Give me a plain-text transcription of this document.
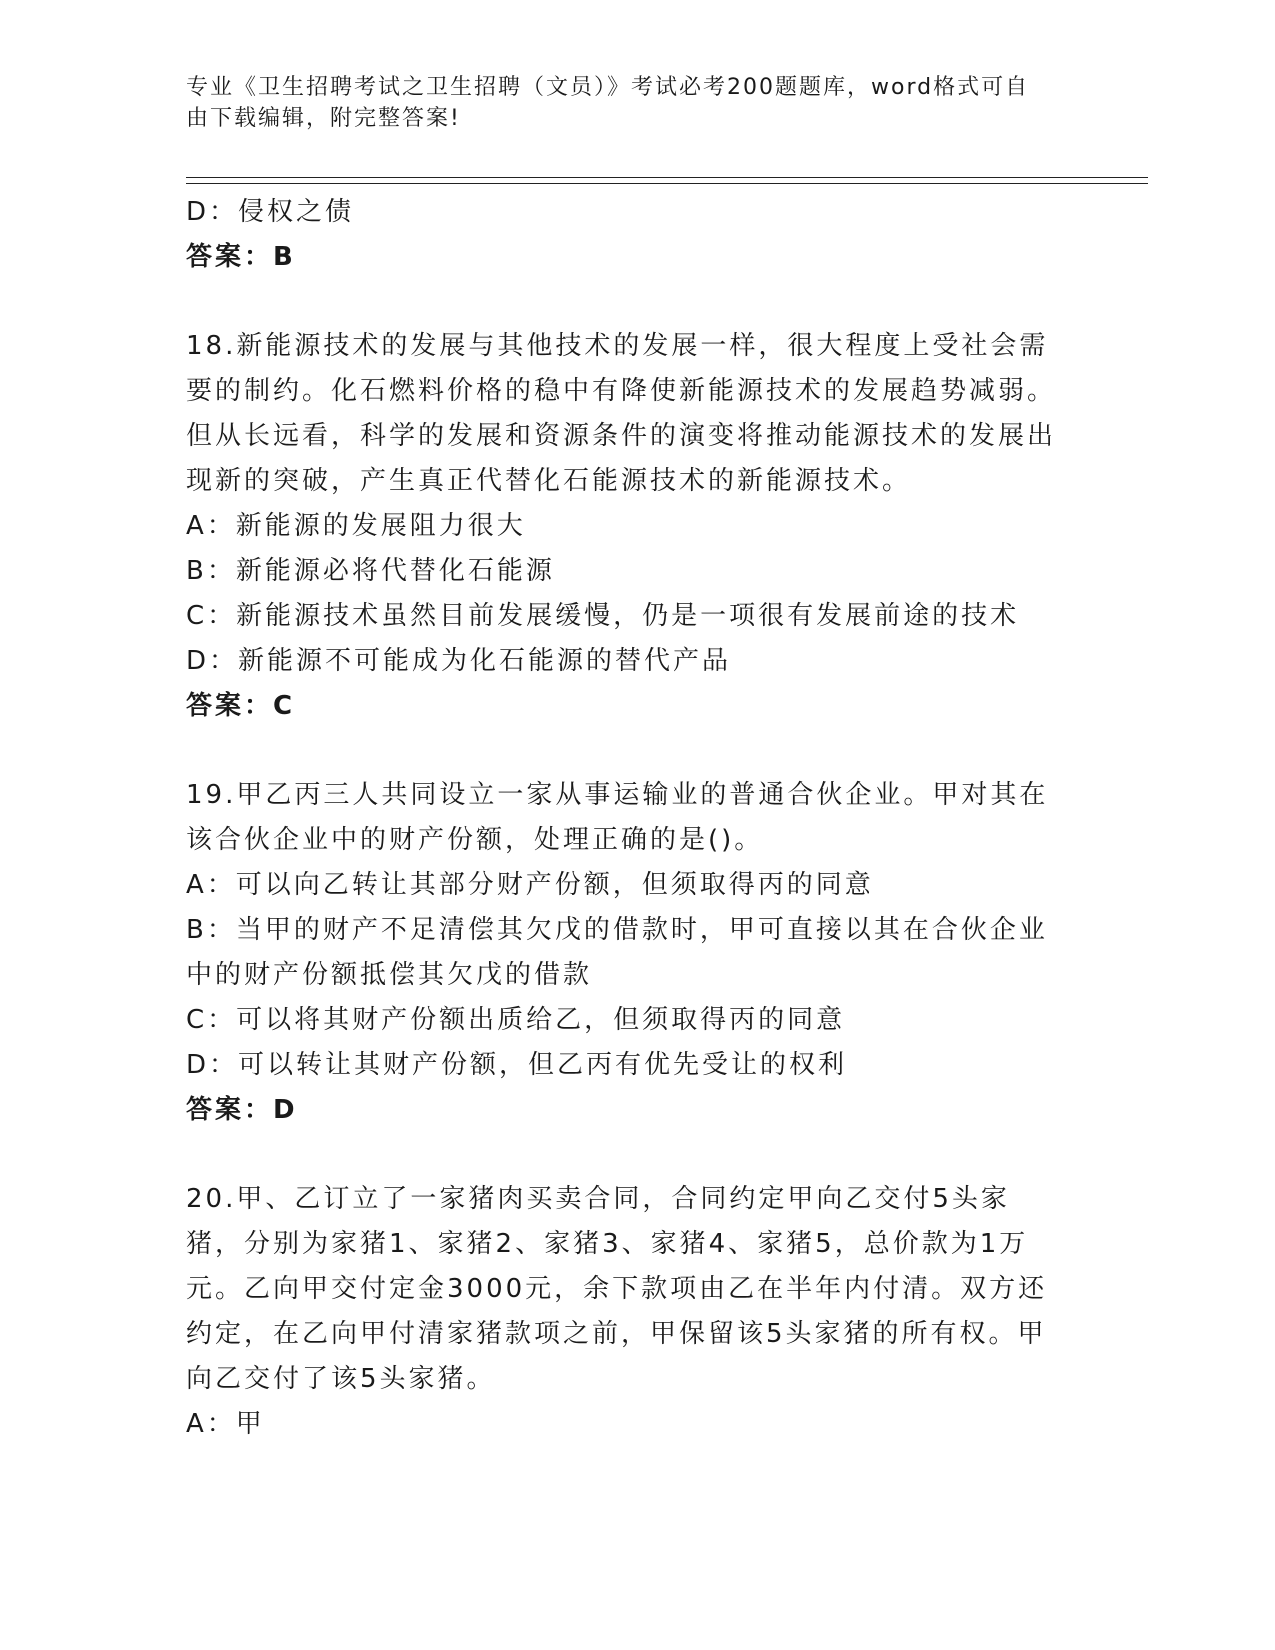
专业《卫生招聘考试之卫生招聘（文员）》考试必考200题题库，word格式可自
由下载编辑，附完整答案!

D：侵权之债

答案：B

18.新能源技术的发展与其他技术的发展一样，很大程度上受社会需要的制约。化石燃料价格的稳中有降使新能源技术的发展趋势减弱。但从长远看，科学的发展和资源条件的演变将推动能源技术的发展出现新的突破，产生真正代替化石能源技术的新能源技术。

A：新能源的发展阻力很大

B：新能源必将代替化石能源

C：新能源技术虽然目前发展缓慢，仍是一项很有发展前途的技术

D：新能源不可能成为化石能源的替代产品

答案：C

19.甲乙丙三人共同设立一家从事运输业的普通合伙企业。甲对其在该合伙企业中的财产份额，处理正确的是()。

A：可以向乙转让其部分财产份额，但须取得丙的同意

B：当甲的财产不足清偿其欠戊的借款时，甲可直接以其在合伙企业中的财产份额抵偿其欠戊的借款

C：可以将其财产份额出质给乙，但须取得丙的同意

D：可以转让其财产份额，但乙丙有优先受让的权利

答案：D

20.甲、乙订立了一家猪肉买卖合同，合同约定甲向乙交付5头家猪，分别为家猪1、家猪2、家猪3、家猪4、家猪5，总价款为1万元。乙向甲交付定金3000元，余下款项由乙在半年内付清。双方还约定，在乙向甲付清家猪款项之前，甲保留该5头家猪的所有权。甲向乙交付了该5头家猪。

A：甲
